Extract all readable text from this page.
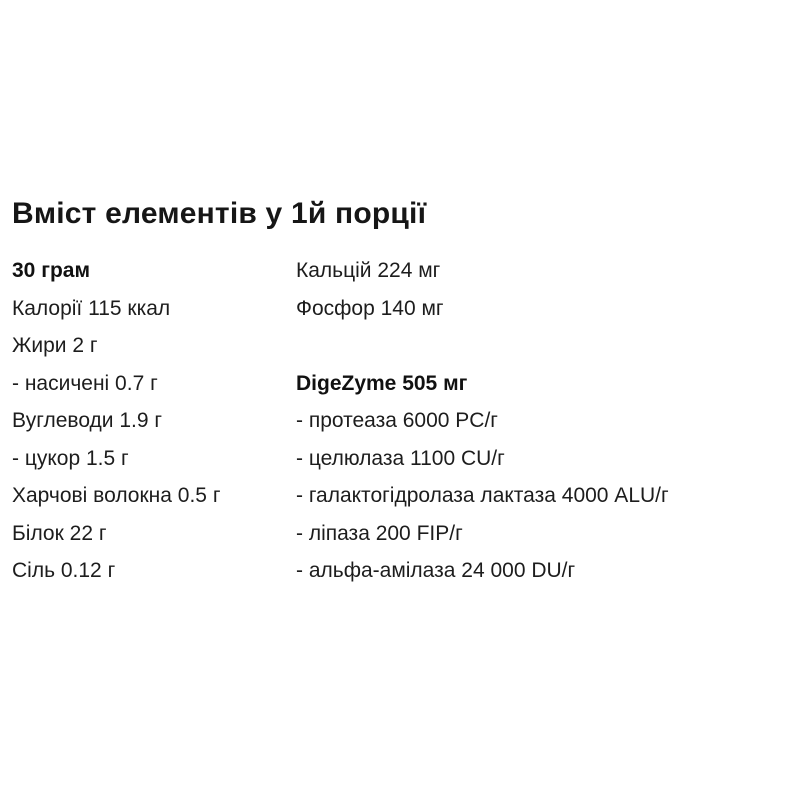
Вміст елементів у 1й порції
30 грам
Калорії 115 ккал
Жири 2 г
- насичені 0.7 г
Вуглеводи 1.9 г
- цукор 1.5 г
Харчові волокна 0.5 г
Білок 22 г
Сіль 0.12 г
Кальцій 224 мг
Фосфор 140 мг
DigeZyme 505 мг
- протеаза 6000 PC/г
- целюлаза 1100 CU/г
- галактогідролаза лактаза 4000 ALU/г
- ліпаза 200 FIP/г
- альфа-амілаза 24 000 DU/г
